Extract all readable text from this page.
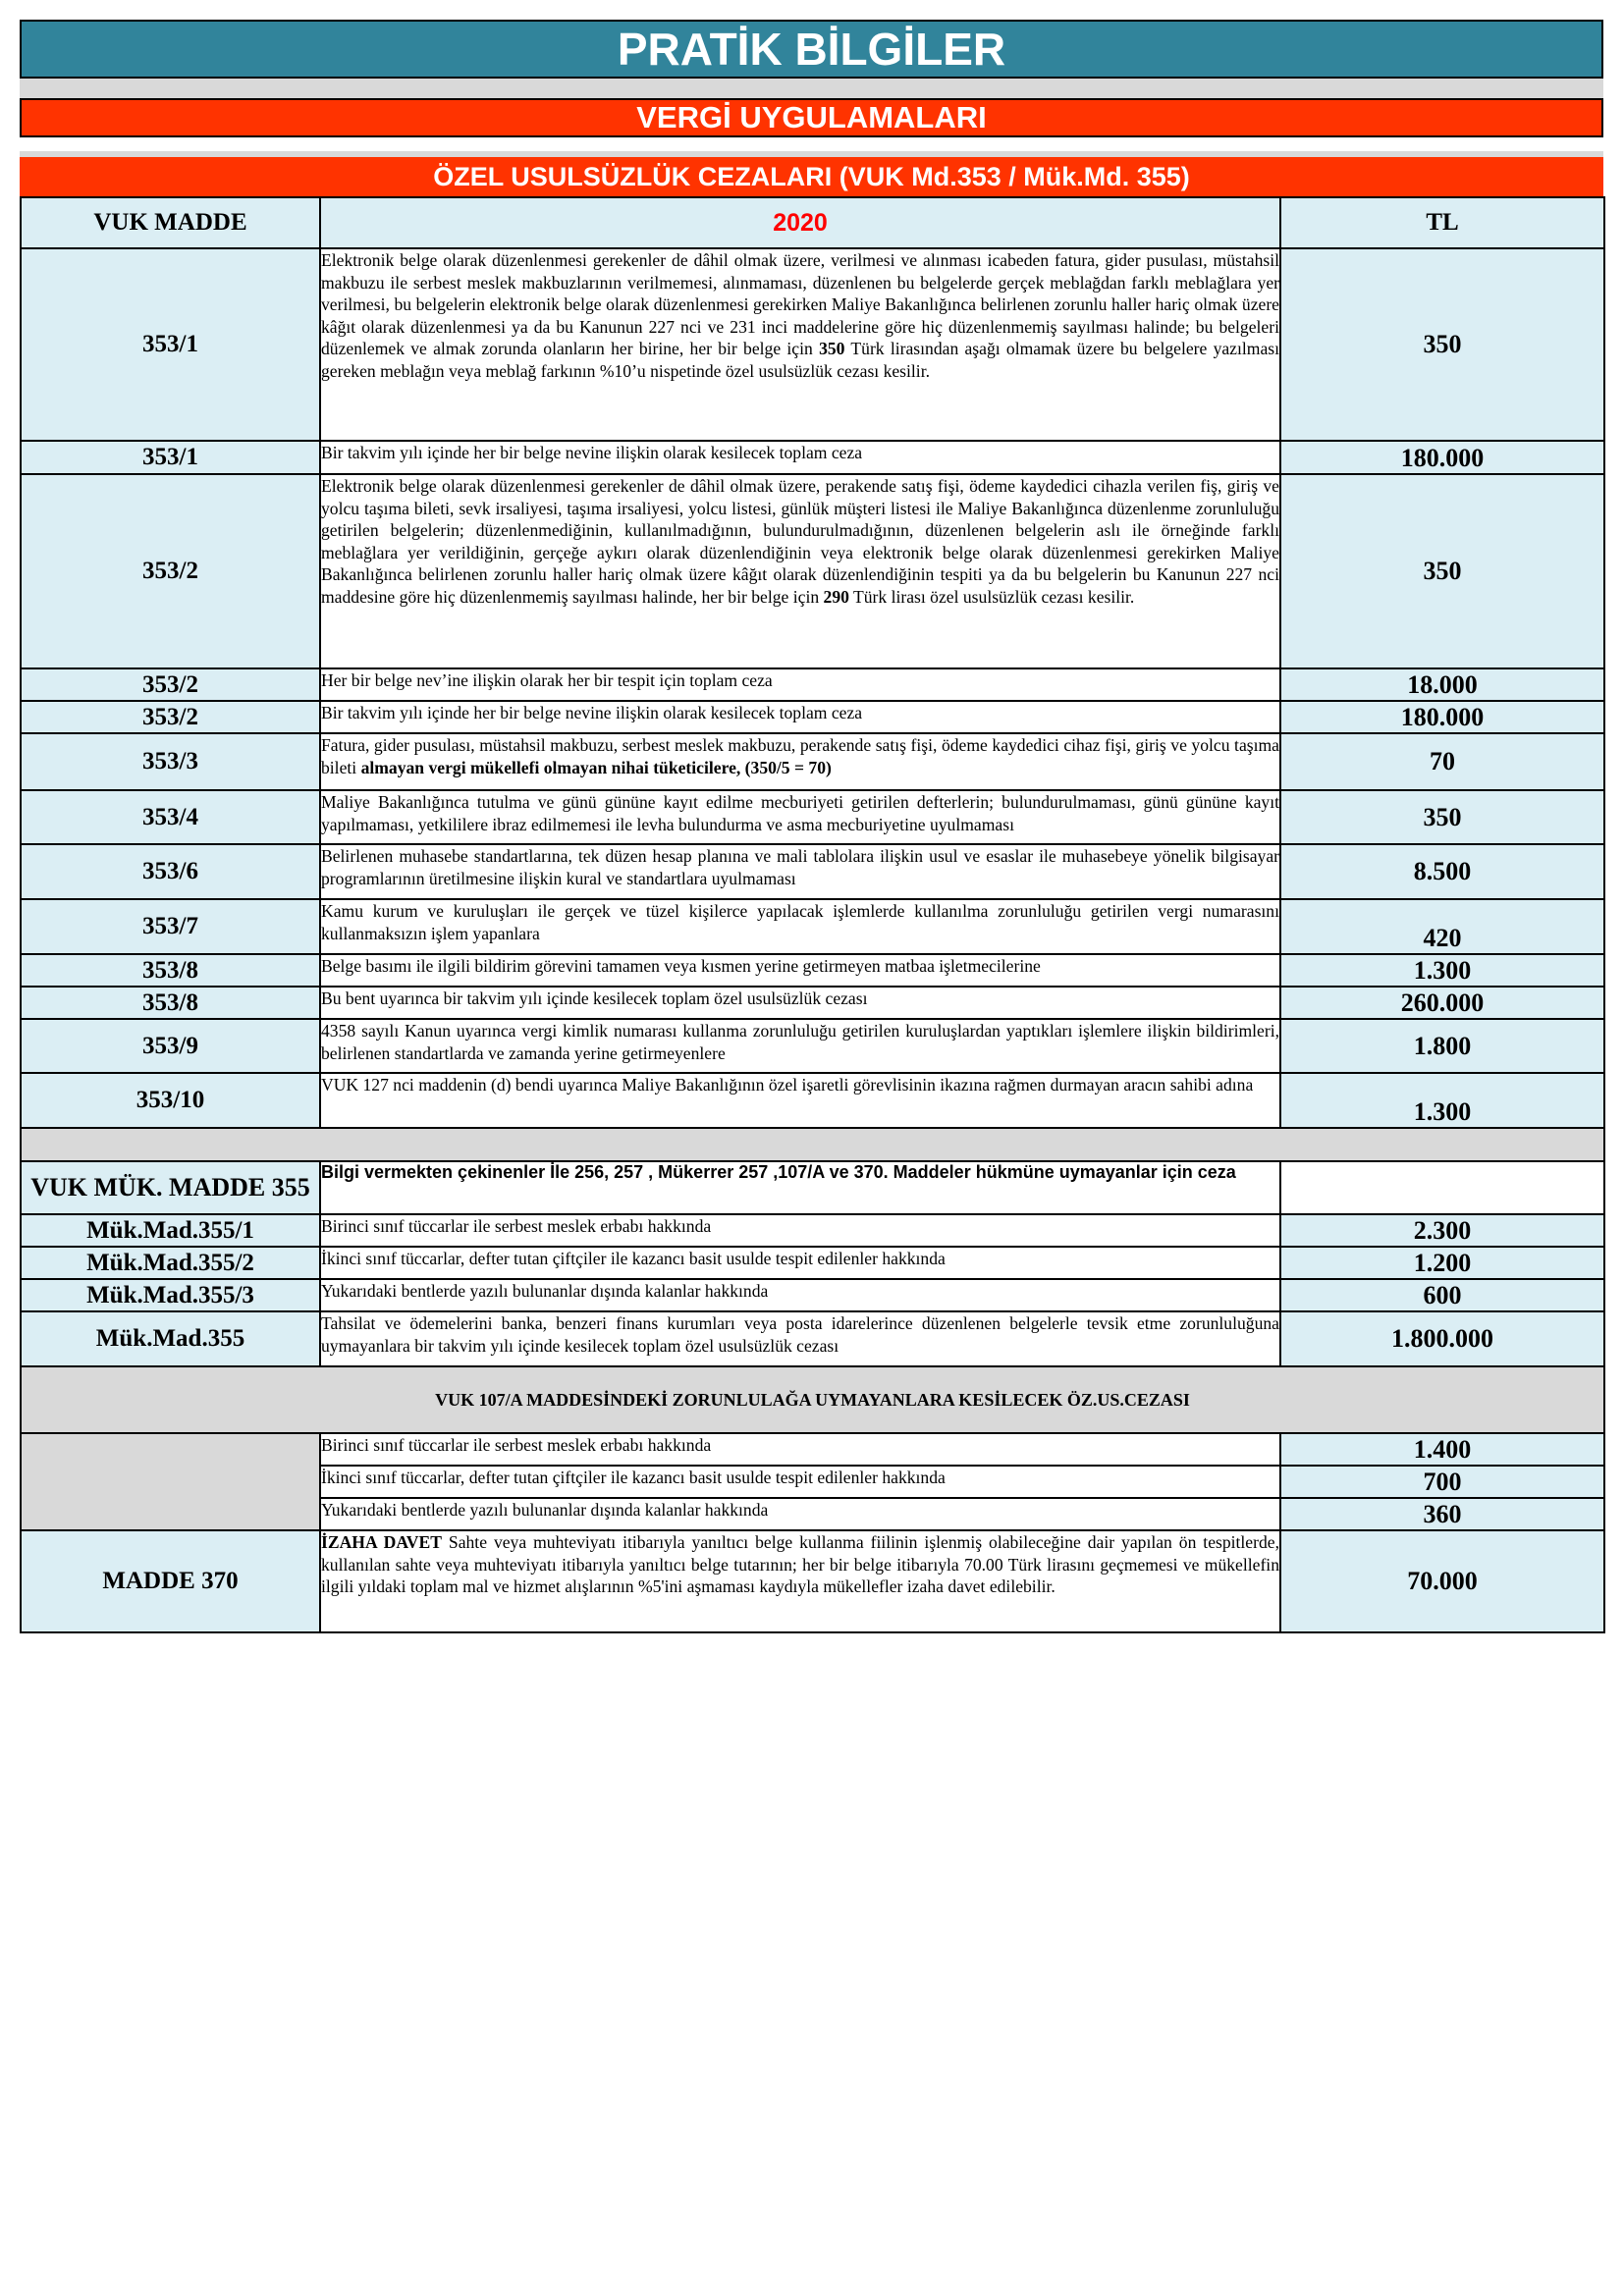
PRATİK BİLGİLER
VERGİ UYGULAMALARI
ÖZEL USULSÜZLÜK CEZALARI (VUK Md.353 / Mük.Md. 355)
VUK MADDE	2020	TL
353/1	Elektronik belge olarak düzenlenmesi gerekenler de dâhil olmak üzere, verilmesi ve alınması icabeden fatura, gider pusulası, müstahsil makbuzu ile serbest meslek makbuzlarının verilmemesi, alınmaması, düzenlenen bu belgelerde gerçek meblağdan farklı meblağlara yer verilmesi, bu belgelerin elektronik belge olarak düzenlenmesi gerekirken Maliye Bakanlığınca belirlenen zorunlu haller hariç olmak üzere kâğıt olarak düzenlenmesi ya da bu Kanunun 227 nci ve 231 inci maddelerine göre hiç düzenlenmemiş sayılması halinde; bu belgeleri düzenlemek ve almak zorunda olanların her birine, her bir belge için 350 Türk lirasından aşağı olmamak üzere bu belgelere yazılması gereken meblağın veya meblağ farkının %10’u nispetinde özel usulsüzlük cezası kesilir.	350
353/1	Bir takvim yılı içinde her bir belge nevine ilişkin olarak kesilecek toplam ceza	180.000
353/2	Elektronik belge olarak düzenlenmesi gerekenler de dâhil olmak üzere, perakende satış fişi, ödeme kaydedici cihazla verilen fiş, giriş ve yolcu taşıma bileti, sevk irsaliyesi, taşıma irsaliyesi, yolcu listesi, günlük müşteri listesi ile Maliye Bakanlığınca düzenlenme zorunluluğu getirilen belgelerin; düzenlenmediğinin, kullanılmadığının, bulundurulmadığının, düzenlenen belgelerin aslı ile örneğinde farklı meblağlara yer verildiğinin, gerçeğe aykırı olarak düzenlendiğinin veya elektronik belge olarak düzenlenmesi gerekirken Maliye Bakanlığınca belirlenen zorunlu haller hariç olmak üzere kâğıt olarak düzenlendiğinin tespiti ya da bu belgelerin bu Kanunun 227 nci maddesine göre hiç düzenlenmemiş sayılması halinde, her bir belge için 290 Türk lirası özel usulsüzlük cezası kesilir.	350
353/2	Her bir belge nev’ine ilişkin olarak her bir tespit için toplam ceza	18.000
353/2	Bir takvim yılı içinde her bir belge nevine ilişkin olarak kesilecek toplam ceza	180.000
353/3	Fatura, gider pusulası, müstahsil makbuzu, serbest meslek makbuzu, perakende satış fişi, ödeme kaydedici cihaz fişi, giriş ve yolcu taşıma bileti almayan vergi mükellefi olmayan nihai tüketicilere, (350/5 = 70)	70
353/4	Maliye Bakanlığınca tutulma ve günü gününe kayıt edilme mecburiyeti getirilen defterlerin; bulundurulmaması, günü gününe kayıt yapılmaması, yetkililere ibraz edilmemesi ile levha bulundurma ve asma mecburiyetine uyulmaması	350
353/6	Belirlenen muhasebe standartlarına, tek düzen hesap planına ve mali tablolara ilişkin usul ve esaslar ile muhasebeye yönelik bilgisayar programlarının üretilmesine ilişkin kural ve standartlara uyulmaması	8.500
353/7	Kamu kurum ve kuruluşları ile gerçek ve tüzel kişilerce yapılacak işlemlerde kullanılma zorunluluğu getirilen vergi numarasını kullanmaksızın işlem yapanlara	420
353/8	Belge basımı ile ilgili bildirim görevini tamamen veya kısmen yerine getirmeyen matbaa işletmecilerine	1.300
353/8	Bu bent uyarınca bir takvim yılı içinde kesilecek toplam özel usulsüzlük cezası	260.000
353/9	4358 sayılı Kanun uyarınca vergi kimlik numarası kullanma zorunluluğu getirilen kuruluşlardan yaptıkları işlemlere ilişkin bildirimleri, belirlenen standartlarda ve zamanda yerine getirmeyenlere	1.800
353/10	VUK 127 nci maddenin (d) bendi uyarınca Maliye Bakanlığının özel işaretli görevlisinin ikazına rağmen durmayan aracın sahibi adına	1.300

VUK MÜK. MADDE 355	Bilgi vermekten çekinenler İle 256, 257 , Mükerrer 257 ,107/A ve 370. Maddeler hükmüne uymayanlar için ceza	
Mük.Mad.355/1	Birinci sınıf tüccarlar ile serbest meslek erbabı hakkında	2.300
Mük.Mad.355/2	İkinci sınıf tüccarlar, defter tutan çiftçiler ile kazancı basit usulde tespit edilenler hakkında	1.200
Mük.Mad.355/3	Yukarıdaki bentlerde yazılı bulunanlar dışında kalanlar hakkında	600
Mük.Mad.355	Tahsilat ve ödemelerini banka, benzeri finans kurumları veya posta idarelerince düzenlenen belgelerle tevsik etme zorunluluğuna uymayanlara bir takvim yılı içinde kesilecek toplam özel usulsüzlük cezası	1.800.000
VUK 107/A MADDESİNDEKİ ZORUNLULAĞA UYMAYANLARA KESİLECEK ÖZ.US.CEZASI		
	Birinci sınıf tüccarlar ile serbest meslek erbabı hakkında	1.400
	İkinci sınıf tüccarlar, defter tutan çiftçiler ile kazancı basit usulde tespit edilenler hakkında	700
	Yukarıdaki bentlerde yazılı bulunanlar dışında kalanlar hakkında	360
MADDE 370	İZAHA DAVET Sahte veya muhteviyatı itibarıyla yanıltıcı belge kullanma fiilinin işlenmiş olabileceğine dair yapılan ön tespitlerde, kullanılan sahte veya muhteviyatı itibarıyla yanıltıcı belge tutarının; her bir belge itibarıyla 70.00 Türk lirasını geçmemesi ve mükellefin ilgili yıldaki toplam mal ve hizmet alışlarının %5'ini aşmaması kaydıyla mükellefler izaha davet edilebilir.	70.000
